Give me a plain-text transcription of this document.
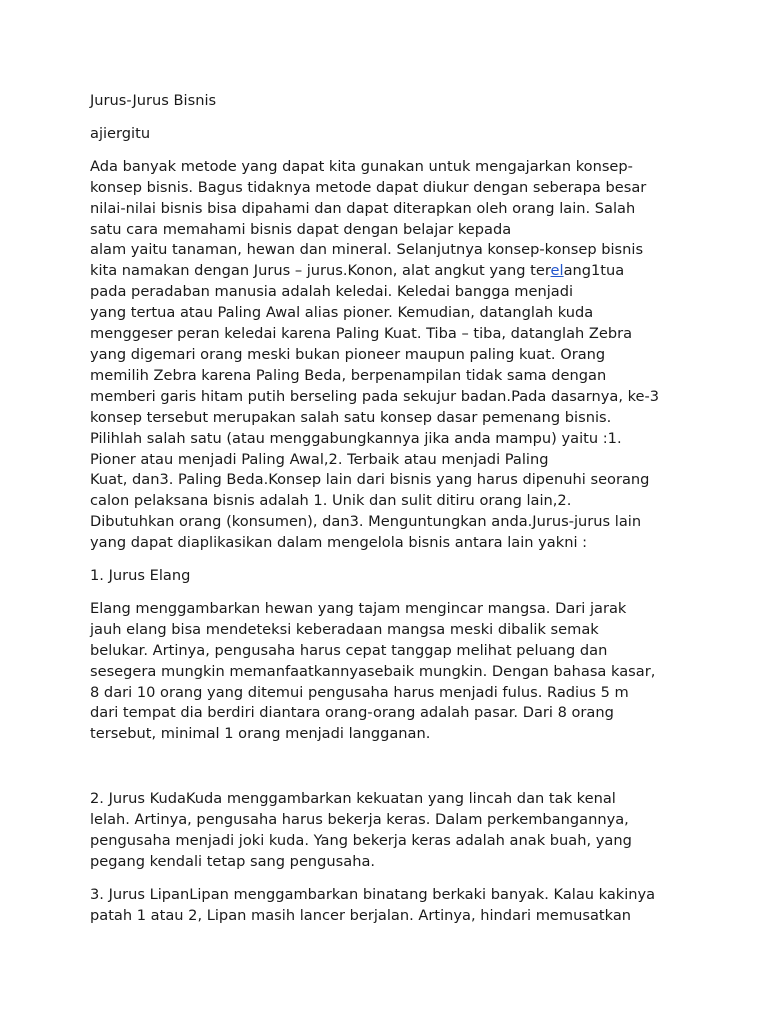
Jurus-Jurus Bisnis

ajiergitu

Ada banyak metode yang dapat kita gunakan untuk mengajarkan konsep-
konsep bisnis. Bagus tidaknya metode dapat diukur dengan seberapa besar
nilai-nilai bisnis bisa dipahami dan dapat diterapkan oleh orang lain. Salah
satu cara memahami bisnis dapat dengan belajar kepada
alam yaitu tanaman, hewan dan mineral. Selanjutnya konsep-konsep bisnis
kita namakan dengan Jurus – jurus.Konon, alat angkut yang terelang1tua
pada peradaban manusia adalah keledai. Keledai bangga menjadi
yang tertua atau Paling Awal alias pioner. Kemudian, datanglah kuda
menggeser peran keledai karena Paling Kuat. Tiba – tiba, datanglah Zebra
yang digemari orang meski bukan pioneer maupun paling kuat. Orang
memilih Zebra karena Paling Beda, berpenampilan tidak sama dengan
memberi garis hitam putih berseling pada sekujur badan.Pada dasarnya, ke-3
konsep tersebut merupakan salah satu konsep dasar pemenang bisnis.
Pilihlah salah satu (atau menggabungkannya jika anda mampu) yaitu :1.
Pioner atau menjadi Paling Awal,2. Terbaik atau menjadi Paling
Kuat, dan3. Paling Beda.Konsep lain dari bisnis yang harus dipenuhi seorang
calon pelaksana bisnis adalah 1. Unik dan sulit ditiru orang lain,2.
Dibutuhkan orang (konsumen), dan3. Menguntungkan anda.Jurus-jurus lain
yang dapat diaplikasikan dalam mengelola bisnis antara lain yakni :

1. Jurus Elang

Elang menggambarkan hewan yang tajam mengincar mangsa. Dari jarak
jauh elang bisa mendeteksi keberadaan mangsa meski dibalik semak
belukar. Artinya, pengusaha harus cepat tanggap melihat peluang dan
sesegera mungkin memanfaatkannyasebaik mungkin. Dengan bahasa kasar,
8 dari 10 orang yang ditemui pengusaha harus menjadi fulus. Radius 5 m
dari tempat dia berdiri diantara orang-orang adalah pasar. Dari 8 orang
tersebut, minimal 1 orang menjadi langganan.

2. Jurus KudaKuda menggambarkan kekuatan yang lincah dan tak kenal
lelah. Artinya, pengusaha harus bekerja keras. Dalam perkembangannya,
pengusaha menjadi joki kuda. Yang bekerja keras adalah anak buah, yang
pegang kendali tetap sang pengusaha.

3. Jurus LipanLipan menggambarkan binatang berkaki banyak. Kalau kakinya
patah 1 atau 2, Lipan masih lancer berjalan. Artinya, hindari memusatkan
